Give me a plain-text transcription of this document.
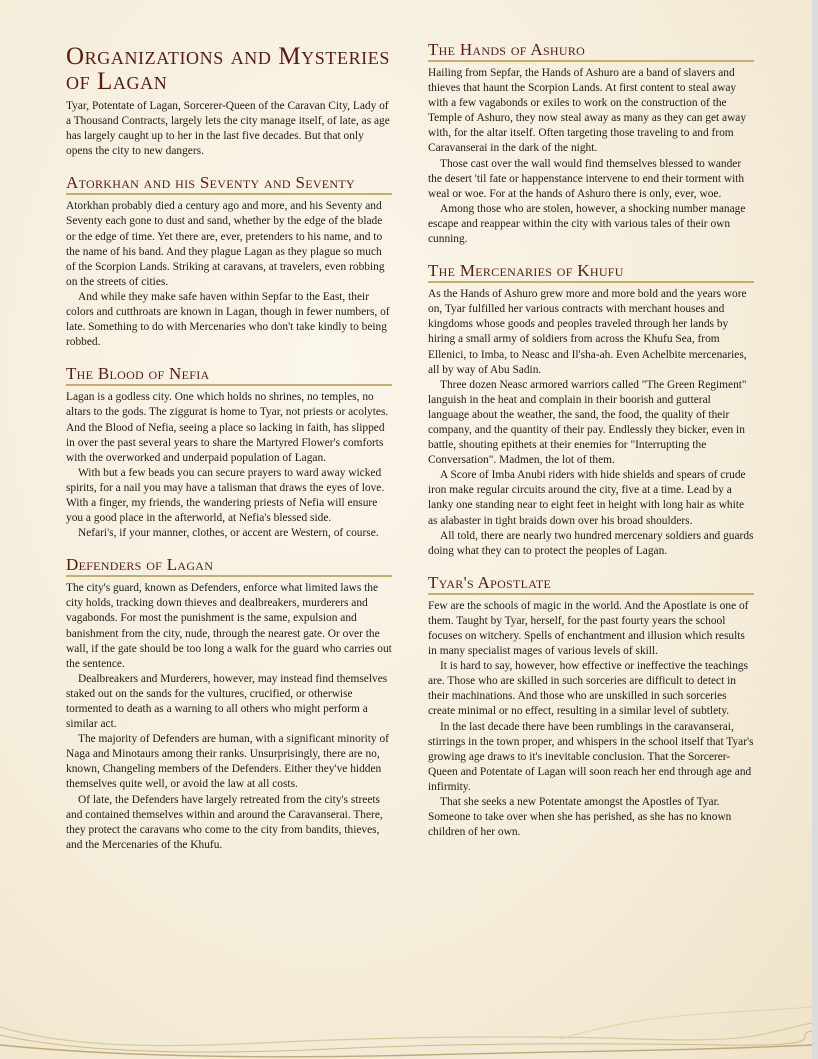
Organizations and Mysteries of Lagan

Tyar, Potentate of Lagan, Sorcerer-Queen of the Caravan City, Lady of a Thousand Contracts, largely lets the city manage itself, of late, as age has largely caught up to her in the last five decades. But that only opens the city to new dangers.

Atorkhan and his Seventy and Seventy

Atorkhan probably died a century ago and more, and his Seventy and Seventy each gone to dust and sand, whether by the edge of the blade or the edge of time. Yet there are, ever, pretenders to his name, and to the name of his band. And they plague Lagan as they plague so much of the Scorpion Lands. Striking at caravans, at travelers, even robbing on the streets of cities.

And while they make safe haven within Sepfar to the East, their colors and cutthroats are known in Lagan, though in fewer numbers, of late. Something to do with Mercenaries who don't take kindly to being robbed.

The Blood of Nefia

Lagan is a godless city. One which holds no shrines, no temples, no altars to the gods. The ziggurat is home to Tyar, not priests or acolytes. And the Blood of Nefia, seeing a place so lacking in faith, has slipped in over the past several years to share the Martyred Flower's comforts with the overworked and underpaid population of Lagan.

With but a few beads you can secure prayers to ward away wicked spirits, for a nail you may have a talisman that draws the eyes of love. With a finger, my friends, the wandering priests of Nefia will ensure you a good place in the afterworld, at Nefia's blessed side.

Nefari's, if your manner, clothes, or accent are Western, of course.

Defenders of Lagan

The city's guard, known as Defenders, enforce what limited laws the city holds, tracking down thieves and dealbreakers, murderers and vagabonds. For most the punishment is the same, expulsion and banishment from the city, nude, through the nearest gate. Or over the wall, if the gate should be too long a walk for the guard who carries out the sentence.

Dealbreakers and Murderers, however, may instead find themselves staked out on the sands for the vultures, crucified, or otherwise tormented to death as a warning to all others who might perform a similar act.

The majority of Defenders are human, with a significant minority of Naga and Minotaurs among their ranks. Unsurprisingly, there are no, known, Changeling members of the Defenders. Either they've hidden themselves quite well, or avoid the law at all costs.

Of late, the Defenders have largely retreated from the city's streets and contained themselves within and around the Caravanserai. There, they protect the caravans who come to the city from bandits, thieves, and the Mercenaries of the Khufu.

The Hands of Ashuro

Hailing from Sepfar, the Hands of Ashuro are a band of slavers and thieves that haunt the Scorpion Lands. At first content to steal away with a few vagabonds or exiles to work on the construction of the Temple of Ashuro, they now steal away as many as they can get away with, for the altar itself. Often targeting those traveling to and from Caravanserai in the dark of the night.

Those cast over the wall would find themselves blessed to wander the desert 'til fate or happenstance intervene to end their torment with weal or woe. For at the hands of Ashuro there is only, ever, woe.

Among those who are stolen, however, a shocking number manage escape and reappear within the city with various tales of their own cunning.

The Mercenaries of Khufu

As the Hands of Ashuro grew more and more bold and the years wore on, Tyar fulfilled her various contracts with merchant houses and kingdoms whose goods and peoples traveled through her lands by hiring a small army of soldiers from across the Khufu Sea, from Ellenici, to Imba, to Neasc and Il'sha-ah. Even Achelbite mercenaries, all by way of Abu Sadin.

Three dozen Neasc armored warriors called "The Green Regiment" languish in the heat and complain in their boorish and gutteral language about the weather, the sand, the food, the quality of their company, and the quantity of their pay. Endlessly they bicker, even in battle, shouting epithets at their enemies for "Interrupting the Conversation". Madmen, the lot of them.

A Score of Imba Anubi riders with hide shields and spears of crude iron make regular circuits around the city, five at a time. Lead by a lanky one standing near to eight feet in height with long hair as white as alabaster in tight braids down over his broad shoulders.

All told, there are nearly two hundred mercenary soldiers and guards doing what they can to protect the peoples of Lagan.

Tyar's Apostlate

Few are the schools of magic in the world. And the Apostlate is one of them. Taught by Tyar, herself, for the past fourty years the school focuses on witchery. Spells of enchantment and illusion which results in many specialist mages of various levels of skill.

It is hard to say, however, how effective or ineffective the teachings are. Those who are skilled in such sorceries are difficult to detect in their machinations. And those who are unskilled in such sorceries create minimal or no effect, resulting in a similar level of subtlety.

In the last decade there have been rumblings in the caravanserai, stirrings in the town proper, and whispers in the school itself that Tyar's growing age draws to it's inevitable conclusion. That the Sorcerer-Queen and Potentate of Lagan will soon reach her end through age and infirmity.

That she seeks a new Potentate amongst the Apostles of Tyar. Someone to take over when she has perished, as she has no known children of her own.
